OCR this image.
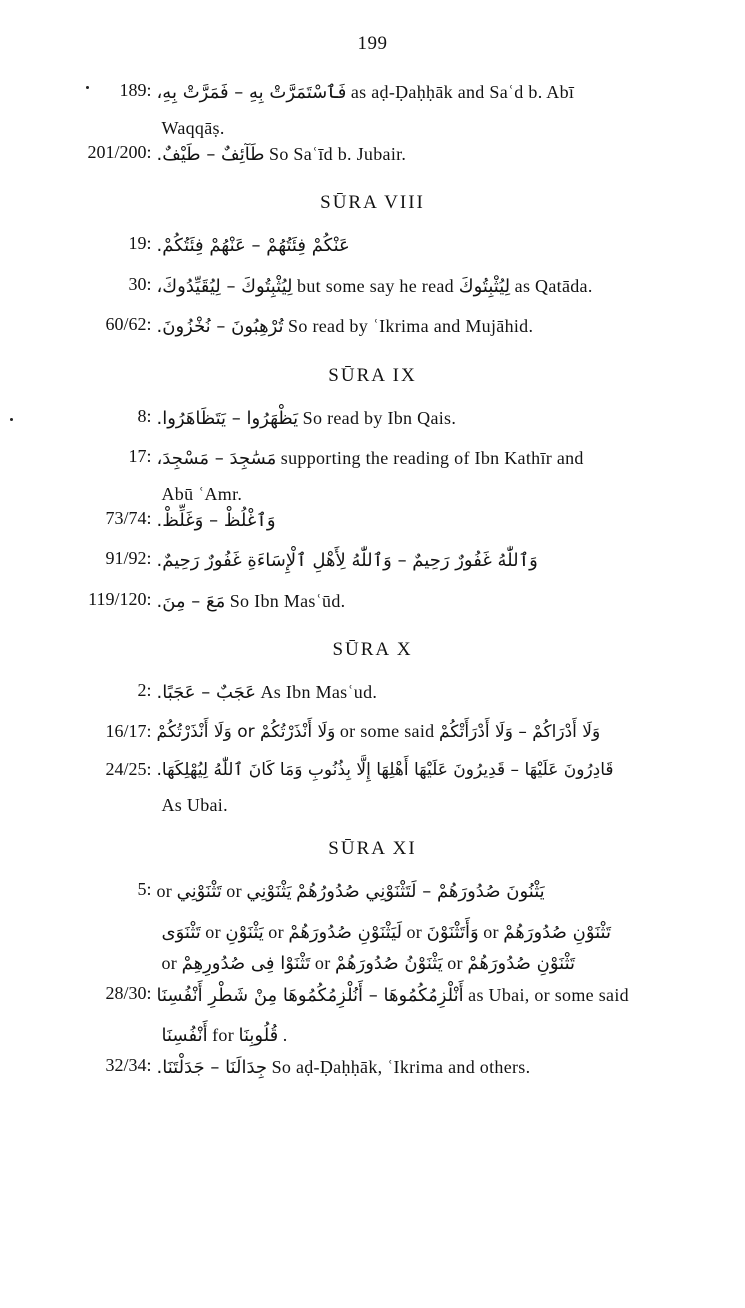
199
189: فَٱسْتَمَرَّتْ بِهِ – فَمَرَّتْ بِهِ، as aḍ-Ḍaḥḥāk and Saʿd b. Abī
Waqqāṣ.
201/200: طَآئِفٌ – طَيْفٌ. So Saʿīd b. Jubair.
SŪRA VIII
19: عَنْكُمْ فِئَتُهُمْ – عَنْهُمْ فِئَتُكُمْ.
30: لِيُثْبِتُوكَ – لِيُقَيِّدُوكَ، but some say he read لِيُثْبِتُوكَ as Qatāda.
60/62: تُرْهِبُونَ – نُخْزُونَ. So read by ʿIkrima and Mujāhid.
SŪRA IX
8: يَظْهَرُوا – يَتَظَاهَرُوا. So read by Ibn Qais.
17: مَسَٰجِدَ – مَسْجِدَ، supporting the reading of Ibn Kathīr and
Abū ʿAmr.
73/74: وَٱغْلُظْ – وَغَلِّظْ.
91/92: وَٱللّٰهُ غَفُورٌ رَحِيمٌ – وَٱللّٰهُ لِأَهْلِ ٱلْإِسَاءَةِ غَفُورٌ رَحِيمٌ.
119/120: مَعَ – مِنَ. So Ibn Masʿūd.
SŪRA X
2: عَجَبٌ – عَجَبًا. As Ibn Masʿud.
16/17: وَلَا أَنْذَرْتُكُمْ or وَلَا أَنْذَرْتُكُمْ or some said وَلَا أَدْرَاكُمْ – وَلَا أَدْرَأَتْكُمْ
24/25: قَادِرُونَ عَلَيْهَا – قَدِيرُونَ عَلَيْهَا أَهْلِهَا إِلَّا بِذُنُوبِ وَمَا كَانَ ٱللّٰهُ لِيُهْلِكَهَا.
As Ubai.
SŪRA XI
5: or تَثْنَوْنِي or يَثْنَوْنِي يَثْنُونَ صُدُورَهُمْ – لَتَثْنَوْنِي صُدُورُهُمْ
تَثْنَوَى or يَثْنَوْنِ or لَيَثْنَوْنِ صُدُورَهُمْ or وَأَتَثْنَوْنَ or تَثْنَوْنِ صُدُورَهُمْ
or تَثْنَوْا فِى صُدُورِهِمْ or يَثْنَوْنُ صُدُورَهُمْ or تَثْنَوْنِ صُدُورَهُمْ
28/30: أَنْلْزِمُكُمُوهَا – أَنُلْزِمُكُمُوهَا مِنْ شَطْرِ أَنْفُسِنَا as Ubai, or some said
أَنْفُسِنَا for قُلُوبِنَا .
32/34: جِدَالَنَا – جَدَلْتَنَا. So aḍ-Ḍaḥḥāk, ʿIkrima and others.
